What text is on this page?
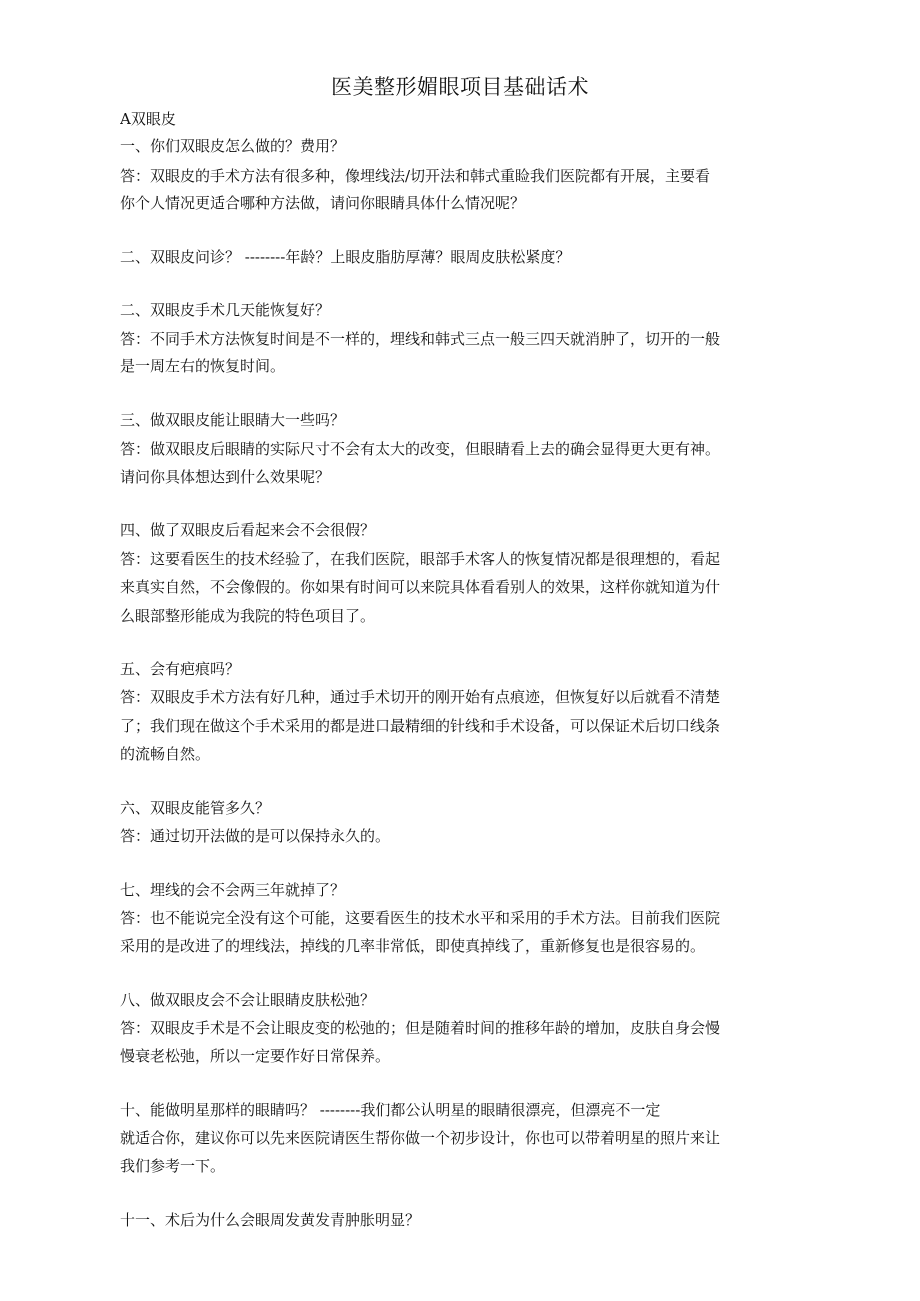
医美整形媚眼项目基础话术
A双眼皮
一、你们双眼皮怎么做的？费用？
答：双眼皮的手术方法有很多种，像埋线法/切开法和韩式重睑我们医院都有开展，主要看
你个人情况更适合哪种方法做，请问你眼睛具体什么情况呢？
二、双眼皮问诊？ --------年龄？上眼皮脂肪厚薄？眼周皮肤松紧度？
二、双眼皮手术几天能恢复好？
答：不同手术方法恢复时间是不一样的，埋线和韩式三点一般三四天就消肿了，切开的一般
是一周左右的恢复时间。
三、做双眼皮能让眼睛大一些吗？
答：做双眼皮后眼睛的实际尺寸不会有太大的改变，但眼睛看上去的确会显得更大更有神。
请问你具体想达到什么效果呢？
四、做了双眼皮后看起来会不会很假？
答：这要看医生的技术经验了，在我们医院，眼部手术客人的恢复情况都是很理想的，看起
来真实自然，不会像假的。你如果有时间可以来院具体看看别人的效果，这样你就知道为什
么眼部整形能成为我院的特色项目了。
五、会有疤痕吗？
答：双眼皮手术方法有好几种，通过手术切开的刚开始有点痕迹，但恢复好以后就看不清楚
了；我们现在做这个手术采用的都是进口最精细的针线和手术设备，可以保证术后切口线条
的流畅自然。
六、双眼皮能管多久？
答：通过切开法做的是可以保持永久的。
七、埋线的会不会两三年就掉了？
答：也不能说完全没有这个可能，这要看医生的技术水平和采用的手术方法。目前我们医院
采用的是改进了的埋线法，掉线的几率非常低，即使真掉线了，重新修复也是很容易的。
八、做双眼皮会不会让眼睛皮肤松弛？
答：双眼皮手术是不会让眼皮变的松弛的；但是随着时间的推移年龄的增加，皮肤自身会慢
慢衰老松弛，所以一定要作好日常保养。
十、能做明星那样的眼睛吗？ --------我们都公认明星的眼睛很漂亮，但漂亮不一定
就适合你，建议你可以先来医院请医生帮你做一个初步设计，你也可以带着明星的照片来让
我们参考一下。
十一、术后为什么会眼周发黄发青肿胀明显？
